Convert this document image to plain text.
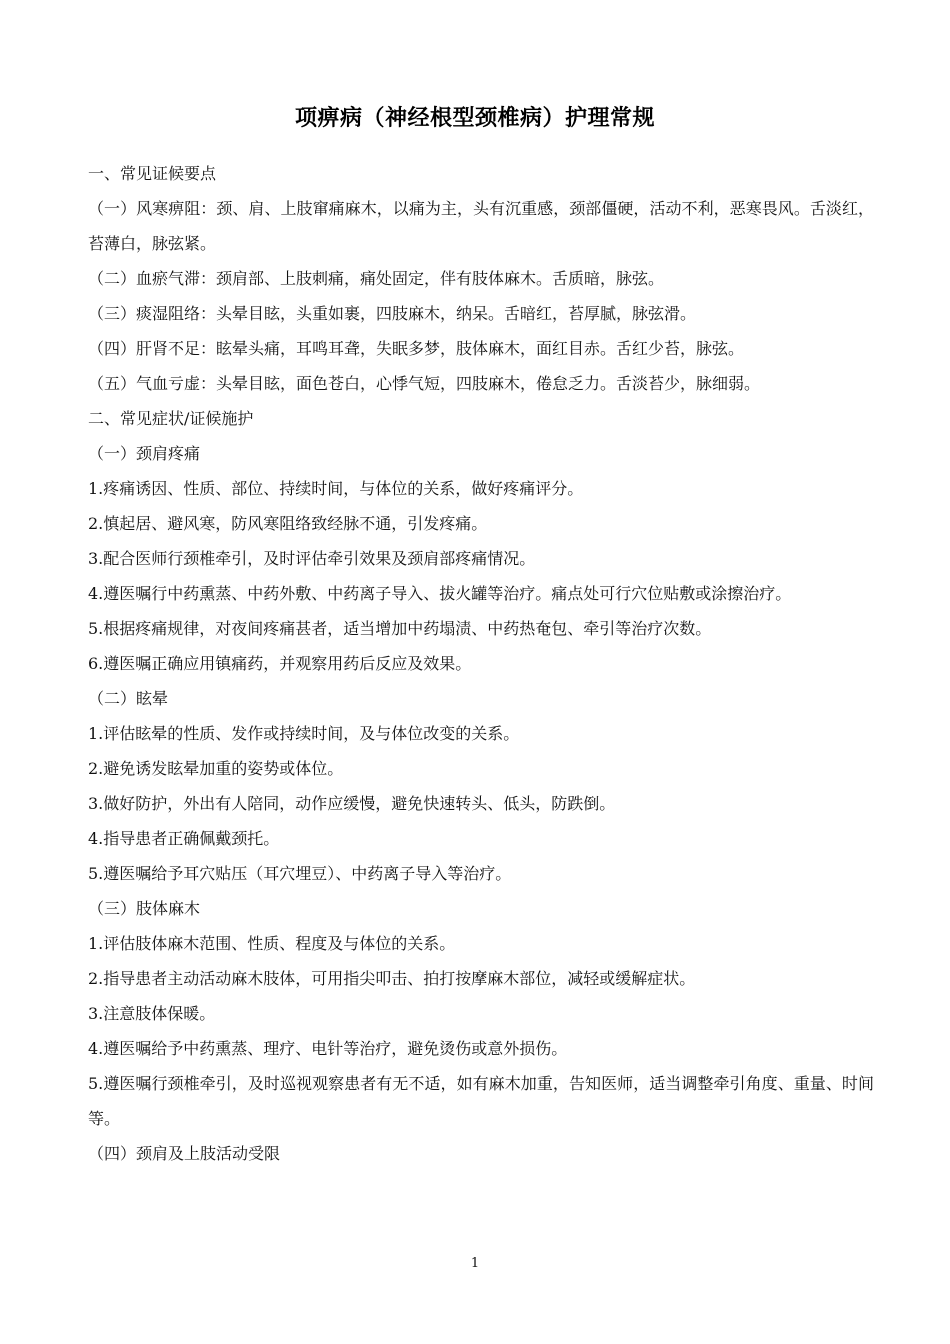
项痹病（神经根型颈椎病）护理常规
一、常见证候要点
（一）风寒痹阻：颈、肩、上肢窜痛麻木，以痛为主，头有沉重感，颈部僵硬，活动不利，恶寒畏风。舌淡红，苔薄白，脉弦紧。
（二）血瘀气滞：颈肩部、上肢刺痛，痛处固定，伴有肢体麻木。舌质暗，脉弦。
（三）痰湿阻络：头晕目眩，头重如裹，四肢麻木，纳呆。舌暗红，苔厚腻，脉弦滑。
（四）肝肾不足：眩晕头痛，耳鸣耳聋，失眠多梦，肢体麻木，面红目赤。舌红少苔，脉弦。
（五）气血亏虚：头晕目眩，面色苍白，心悸气短，四肢麻木，倦怠乏力。舌淡苔少，脉细弱。
二、常见症状/证候施护
（一）颈肩疼痛
1.疼痛诱因、性质、部位、持续时间，与体位的关系，做好疼痛评分。
2.慎起居、避风寒，防风寒阻络致经脉不通，引发疼痛。
3.配合医师行颈椎牵引，及时评估牵引效果及颈肩部疼痛情况。
4.遵医嘱行中药熏蒸、中药外敷、中药离子导入、拔火罐等治疗。痛点处可行穴位贴敷或涂擦治疗。
5.根据疼痛规律，对夜间疼痛甚者，适当增加中药塌渍、中药热奄包、牵引等治疗次数。
6.遵医嘱正确应用镇痛药，并观察用药后反应及效果。
（二）眩晕
1.评估眩晕的性质、发作或持续时间，及与体位改变的关系。
2.避免诱发眩晕加重的姿势或体位。
3.做好防护，外出有人陪同，动作应缓慢，避免快速转头、低头，防跌倒。
4.指导患者正确佩戴颈托。
5.遵医嘱给予耳穴贴压（耳穴埋豆）、中药离子导入等治疗。
（三）肢体麻木
1.评估肢体麻木范围、性质、程度及与体位的关系。
2.指导患者主动活动麻木肢体，可用指尖叩击、拍打按摩麻木部位，减轻或缓解症状。
3.注意肢体保暖。
4.遵医嘱给予中药熏蒸、理疗、电针等治疗，避免烫伤或意外损伤。
5.遵医嘱行颈椎牵引，及时巡视观察患者有无不适，如有麻木加重，告知医师，适当调整牵引角度、重量、时间等。
（四）颈肩及上肢活动受限
1
